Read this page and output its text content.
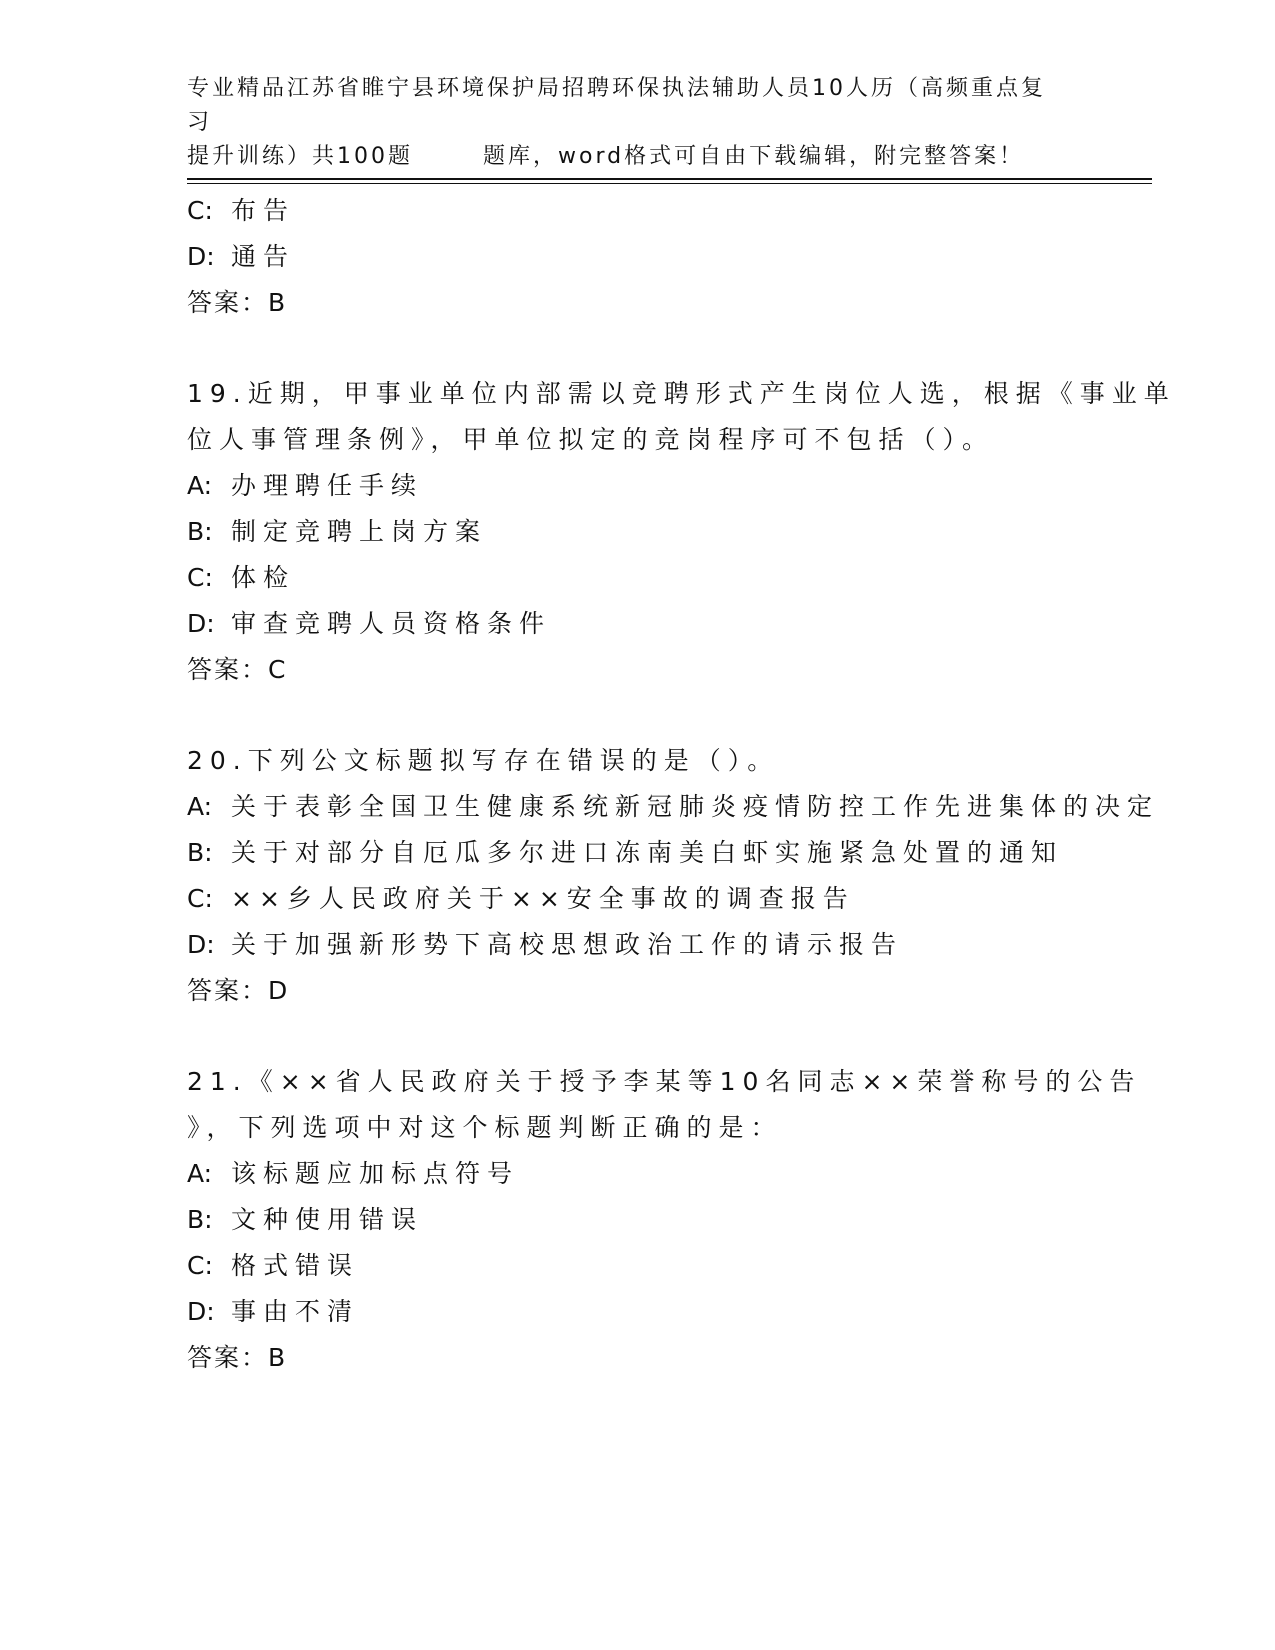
专业精品江苏省睢宁县环境保护局招聘环保执法辅助人员10人历（高频重点复习
提升训练）共100题	题库，word格式可自由下载编辑，附完整答案！
C: 布告
D: 通告
答案：B
19.近期，甲事业单位内部需以竞聘形式产生岗位人选，根据《事业单
位人事管理条例》，甲单位拟定的竞岗程序可不包括（）。
A: 办理聘任手续
B: 制定竞聘上岗方案
C: 体检
D: 审查竞聘人员资格条件
答案：C
20.下列公文标题拟写存在错误的是（）。
A: 关于表彰全国卫生健康系统新冠肺炎疫情防控工作先进集体的决定
B: 关于对部分自厄瓜多尔进口冻南美白虾实施紧急处置的通知
C: ××乡人民政府关于××安全事故的调查报告
D: 关于加强新形势下高校思想政治工作的请示报告
答案：D
21.《××省人民政府关于授予李某等10名同志××荣誉称号的公告
》，下列选项中对这个标题判断正确的是：
A: 该标题应加标点符号
B: 文种使用错误
C: 格式错误
D: 事由不清
答案：B
